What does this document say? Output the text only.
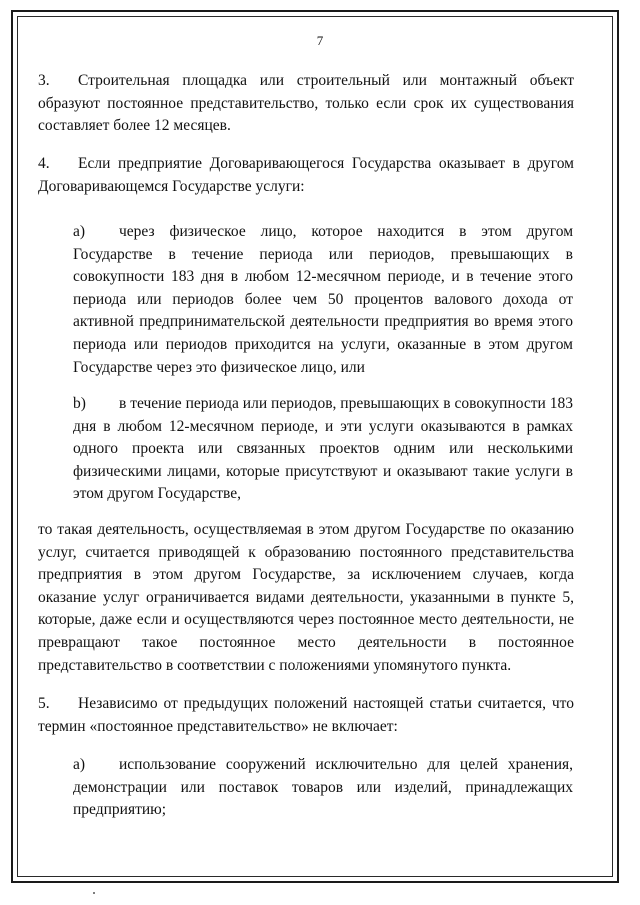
7

3. Строительная площадка или строительный или монтажный объект образуют постоянное представительство, только если срок их существования составляет более 12 месяцев.

4. Если предприятие Договаривающегося Государства оказывает в другом Договаривающемся Государстве услуги:

а) через физическое лицо, которое находится в этом другом Государстве в течение периода или периодов, превышающих в совокупности 183 дня в любом 12-месячном периоде, и в течение этого периода или периодов более чем 50 процентов валового дохода от активной предпринимательской деятельности предприятия во время этого периода или периодов приходится на услуги, оказанные в этом другом Государстве через это физическое лицо, или

b) в течение периода или периодов, превышающих в совокупности 183 дня в любом 12-месячном периоде, и эти услуги оказываются в рамках одного проекта или связанных проектов одним или несколькими физическими лицами, которые присутствуют и оказывают такие услуги в этом другом Государстве,

то такая деятельность, осуществляемая в этом другом Государстве по оказанию услуг, считается приводящей к образованию постоянного представительства предприятия в этом другом Государстве, за исключением случаев, когда оказание услуг ограничивается видами деятельности, указанными в пункте 5, которые, даже если и осуществляются через постоянное место деятельности, не превращают такое постоянное место деятельности в постоянное представительство в соответствии с положениями упомянутого пункта.

5. Независимо от предыдущих положений настоящей статьи считается, что термин «постоянное представительство» не включает:

а) использование сооружений исключительно для целей хранения, демонстрации или поставок товаров или изделий, принадлежащих предприятию;
